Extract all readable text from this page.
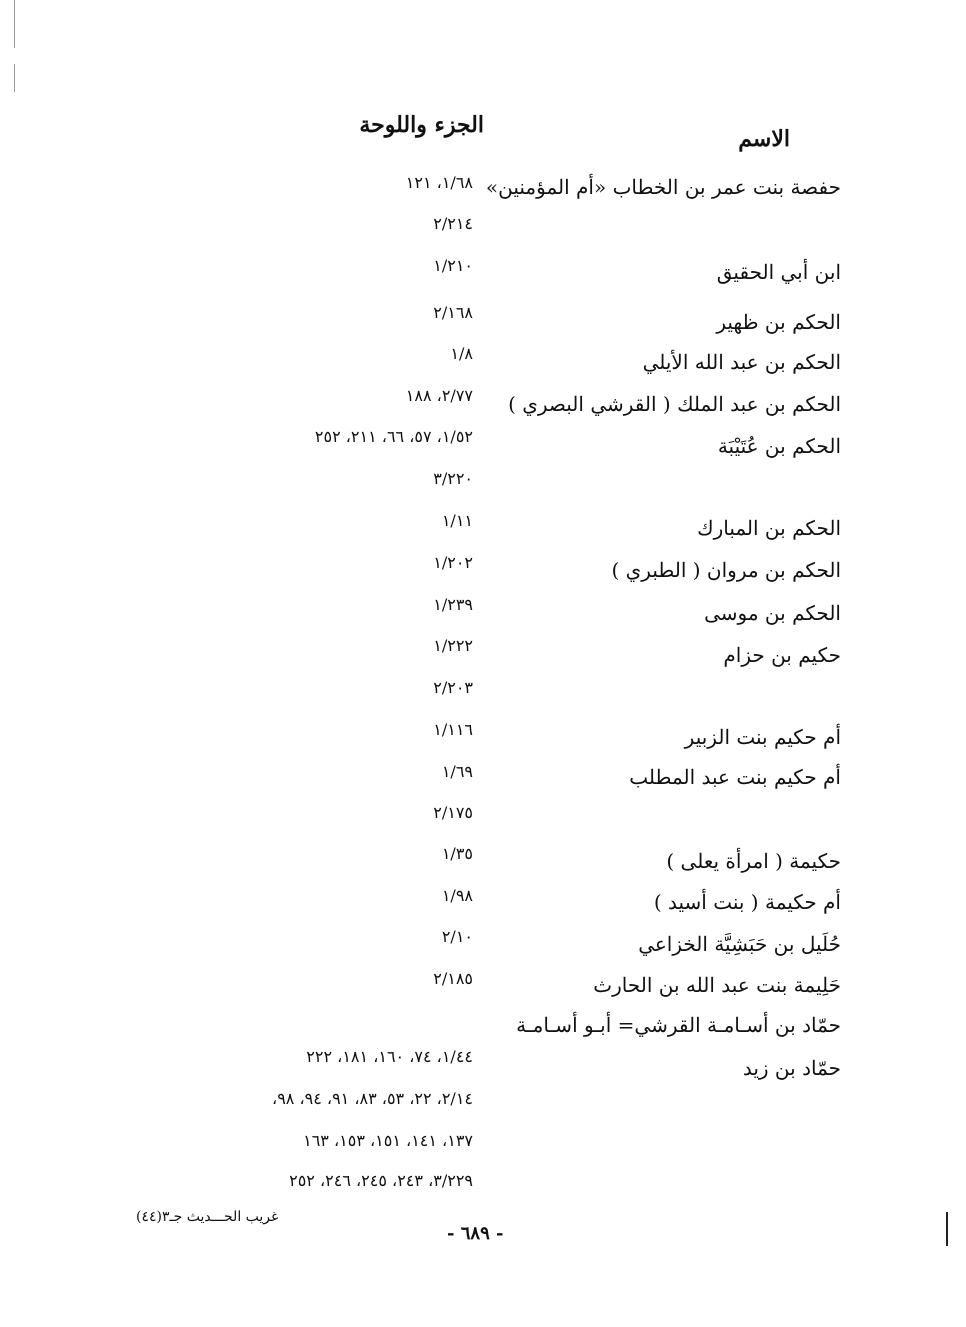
الاسم
الجزء واللوحة
حفصة بنت عمر بن الخطاب «أم المؤمنين»
١/٦٨، ١٢١
٢/٢١٤
ابن أبي الحقيق
١/٢١٠
الحكم بن ظهير
٢/١٦٨
الحكم بن عبد الله الأيلي
١/٨
الحكم بن عبد الملك ( القرشي البصري )
٢/٧٧، ١٨٨
الحكم بن عُتَيْبَة
١/٥٢، ٥٧، ٦٦، ٢١١، ٢٥٢
٣/٢٢٠
الحكم بن المبارك
١/١١
الحكم بن مروان ( الطبري )
١/٢٠٢
الحكم بن موسى
١/٢٣٩
حكيم بن حزام
١/٢٢٢
٢/٢٠٣
أم حكيم بنت الزبير
١/١١٦
أم حكيم بنت عبد المطلب
١/٦٩
٢/١٧٥
حكيمة ( امرأة يعلى )
١/٣٥
أم حكيمة ( بنت أسيد )
١/٩٨
حُلَيل بن حَبَشِيَّة الخزاعي
٢/١٠
حَلِيمة بنت عبد الله بن الحارث
٢/١٨٥
حمّاد بن أسـامـة القرشي= أبـو أسـامـة
حمّاد بن زيد
١/٤٤، ٧٤، ١٦٠، ١٨١، ٢٢٢
٢/١٤، ٢٢، ٥٣، ٨٣، ٩١، ٩٤، ٩٨،
١٣٧، ١٤١، ١٥١، ١٥٣، ١٦٣
٣/٢٢٩، ٢٤٣، ٢٤٥، ٢٤٦، ٢٥٢
غريب الحـــديث جـ٣(٤٤)
- ٦٨٩ -
